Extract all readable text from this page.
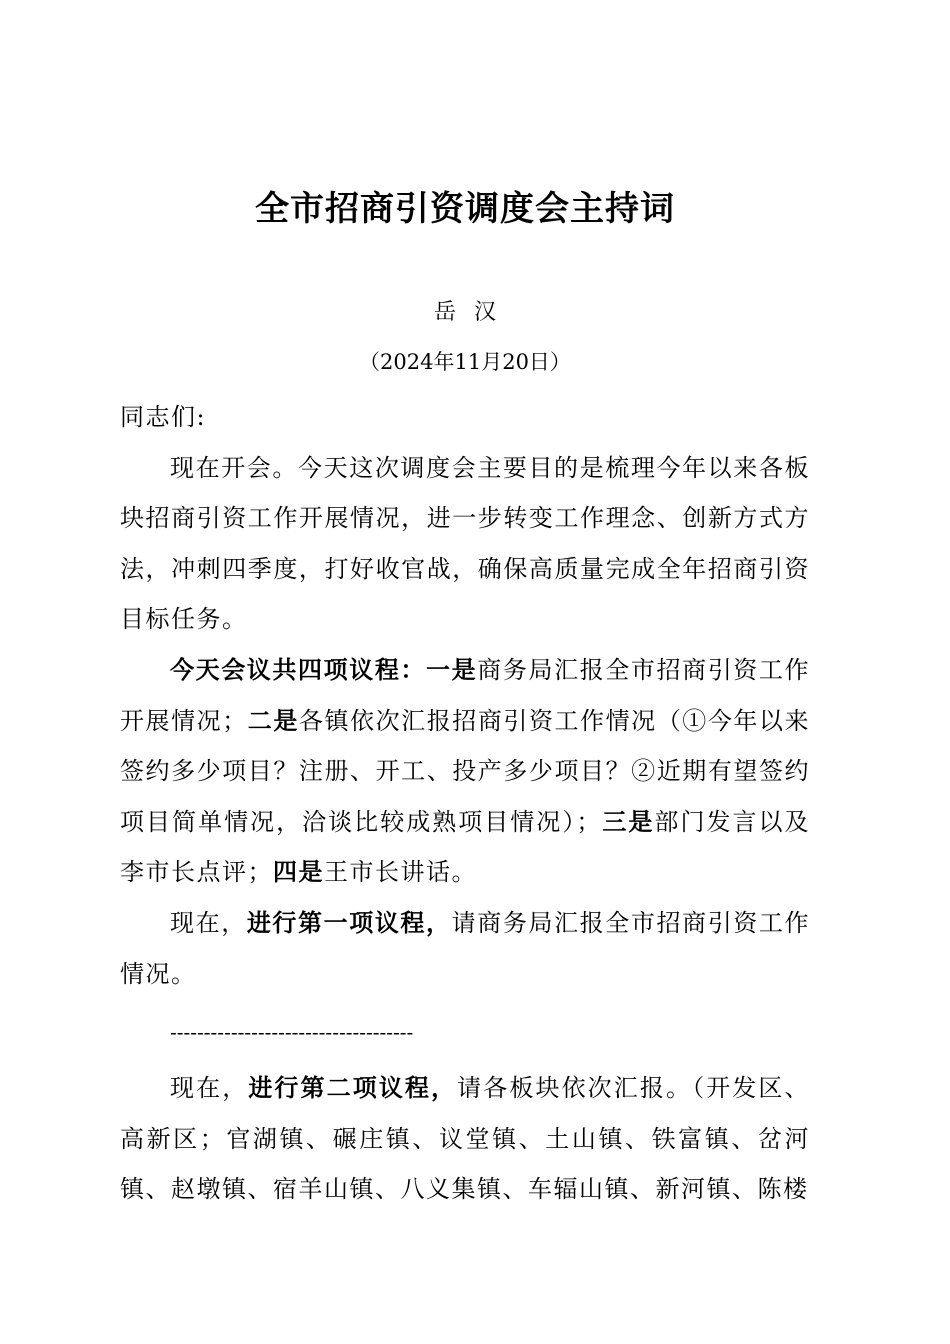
全市招商引资调度会主持词
岳汉
（2024年11月20日）

同志们:

现在开会。今天这次调度会主要目的是梳理今年以来各板块招商引资工作开展情况，进一步转变工作理念、创新方式方法，冲刺四季度，打好收官战，确保高质量完成全年招商引资目标任务。

今天会议共四项议程：一是商务局汇报全市招商引资工作开展情况；二是各镇依次汇报招商引资工作情况（①今年以来签约多少项目？注册、开工、投产多少项目？②近期有望签约项目简单情况，洽谈比较成熟项目情况）；三是部门发言以及李市长点评；四是王市长讲话。

现在，进行第一项议程，请商务局汇报全市招商引资工作情况。

------------------------------------

现在，进行第二项议程，请各板块依次汇报。（开发区、高新区；官湖镇、碾庄镇、议堂镇、土山镇、铁富镇、岔河镇、赵墩镇、宿羊山镇、八义集镇、车辐山镇、新河镇、陈楼
